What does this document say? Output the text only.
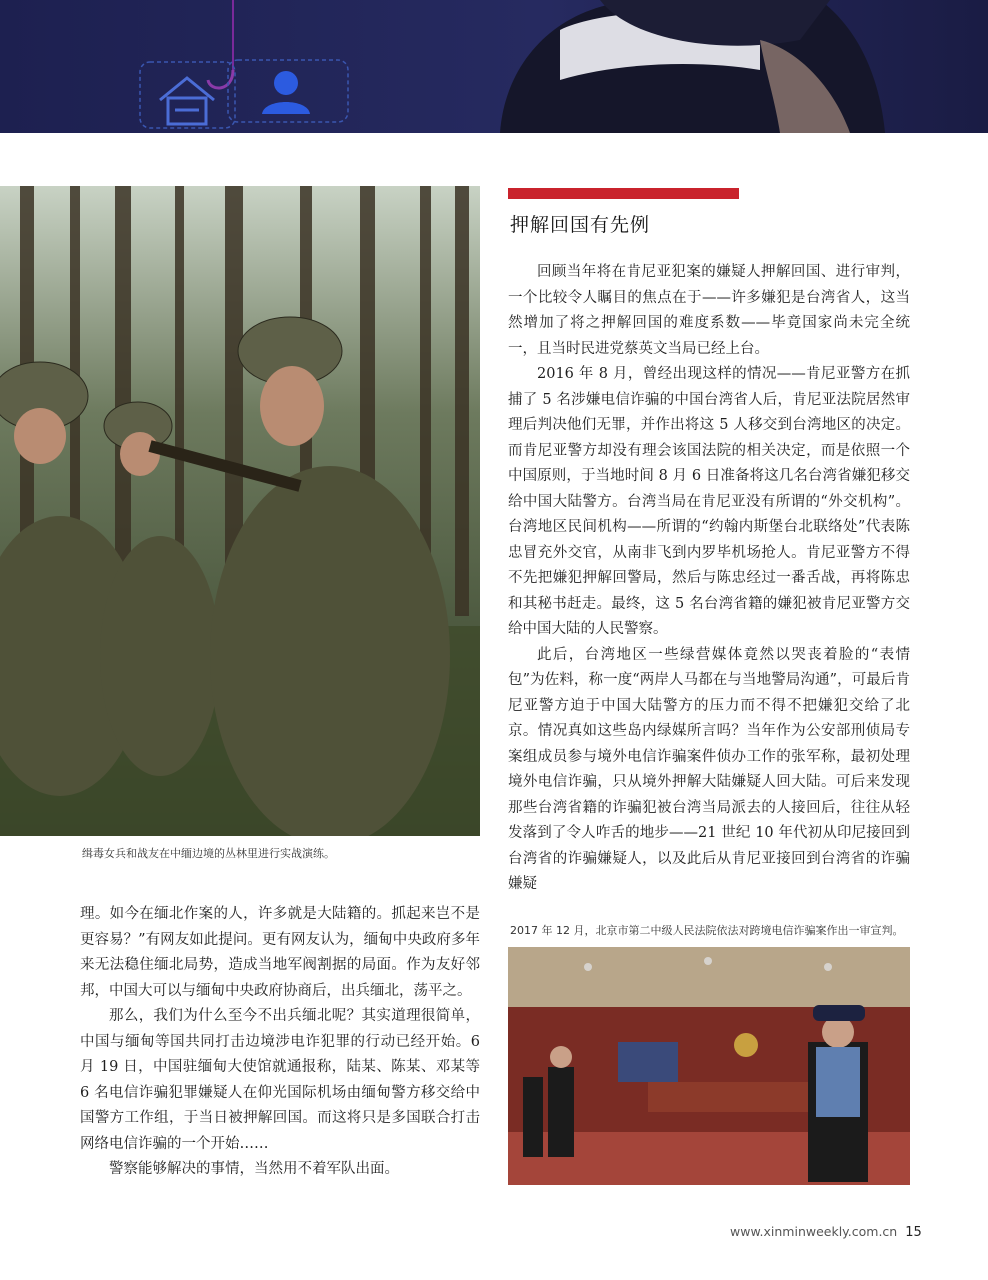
缉毒女兵和战友在中缅边境的丛林里进行实战演练。
押解回国有先例

回顾当年将在肯尼亚犯案的嫌疑人押解回国、进行审判，一个比较令人瞩目的焦点在于——许多嫌犯是台湾省人，这当然增加了将之押解回国的难度系数——毕竟国家尚未完全统一，且当时民进党蔡英文当局已经上台。

2016 年 8 月，曾经出现这样的情况——肯尼亚警方在抓捕了 5 名涉嫌电信诈骗的中国台湾省人后，肯尼亚法院居然审理后判决他们无罪，并作出将这 5 人移交到台湾地区的决定。而肯尼亚警方却没有理会该国法院的相关决定，而是依照一个中国原则，于当地时间 8 月 6 日准备将这几名台湾省嫌犯移交给中国大陆警方。台湾当局在肯尼亚没有所谓的“外交机构”。台湾地区民间机构——所谓的“约翰内斯堡台北联络处”代表陈忠冒充外交官，从南非飞到内罗毕机场抢人。肯尼亚警方不得不先把嫌犯押解回警局，然后与陈忠经过一番舌战，再将陈忠和其秘书赶走。最终，这 5 名台湾省籍的嫌犯被肯尼亚警方交给中国大陆的人民警察。

此后，台湾地区一些绿营媒体竟然以哭丧着脸的“表情包”为佐料，称一度“两岸人马都在与当地警局沟通”，可最后肯尼亚警方迫于中国大陆警方的压力而不得不把嫌犯交给了北京。情况真如这些岛内绿媒所言吗？当年作为公安部刑侦局专案组成员参与境外电信诈骗案件侦办工作的张军称，最初处理境外电信诈骗，只从境外押解大陆嫌疑人回大陆。可后来发现那些台湾省籍的诈骗犯被台湾当局派去的人接回后，往往从轻发落到了令人咋舌的地步——21 世纪 10 年代初从印尼接回到台湾省的诈骗嫌疑人，以及此后从肯尼亚接回到台湾省的诈骗嫌疑

理。如今在缅北作案的人，许多就是大陆籍的。抓起来岂不是更容易？”有网友如此提问。更有网友认为，缅甸中央政府多年来无法稳住缅北局势，造成当地军阀割据的局面。作为友好邻邦，中国大可以与缅甸中央政府协商后，出兵缅北，荡平之。

那么，我们为什么至今不出兵缅北呢？其实道理很简单，中国与缅甸等国共同打击边境涉电诈犯罪的行动已经开始。6 月 19 日，中国驻缅甸大使馆就通报称，陆某、陈某、邓某等 6 名电信诈骗犯罪嫌疑人在仰光国际机场由缅甸警方移交给中国警方工作组，于当日被押解回国。而这将只是多国联合打击网络电信诈骗的一个开始……

警察能够解决的事情，当然用不着军队出面。

2017 年 12 月，北京市第二中级人民法院依法对跨境电信诈骗案作出一审宣判。
www.xinminweekly.com.cn 15
